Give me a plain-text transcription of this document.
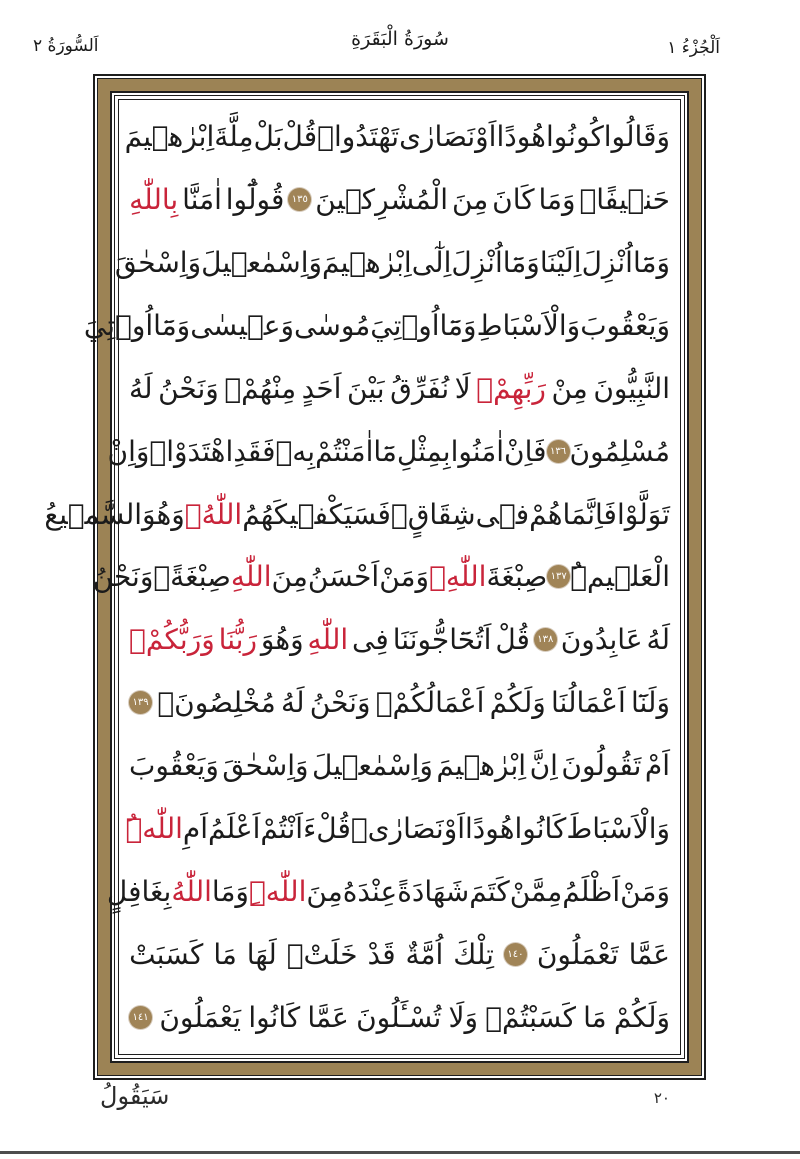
اَلْجُزْءُ ١
سُورَةُ الْبَقَرَةِ
اَلسُّورَةُ ٢
وَقَالُوا
كُونُوا
هُودًا
اَوْ
نَصَارٰى
تَهْتَدُواۜ
قُلْ
بَلْ
مِلَّةَ
اِبْرٰهٖيمَ
حَنٖيفًاۜ
وَمَا
كَانَ
مِنَ
الْمُشْرِكٖينَ
١٣٥
قُولُٓوا
اٰمَنَّا
بِاللّٰهِ
وَمَٓا
اُنْزِلَ
اِلَيْنَا
وَمَٓا
اُنْزِلَ
اِلٰٓى
اِبْرٰهٖيمَ
وَاِسْمٰعٖيلَ
وَاِسْحٰقَ
وَيَعْقُوبَ
وَالْاَسْبَاطِ
وَمَٓا
اُو۫تِيَ
مُوسٰى
وَعٖيسٰى
وَمَٓا
اُو۫تِيَ
النَّبِيُّونَ
مِنْ
رَبِّهِمْۚ
لَا
نُفَرِّقُ
بَيْنَ
اَحَدٍ
مِنْهُمْۘ
وَنَحْنُ
لَهُ
مُسْلِمُونَ
١٣٦
فَاِنْ
اٰمَنُوا
بِمِثْلِ
مَٓا
اٰمَنْتُمْ
بِهٖ
فَقَدِ
اهْتَدَوْاۚ
وَاِنْ
تَوَلَّوْا
فَاِنَّمَا
هُمْ
فٖى
شِقَاقٍۚ
فَسَيَكْفٖيكَهُمُ
اللّٰهُۚ
وَهُوَ
السَّمٖيعُ
الْعَلٖيمُۜ
١٣٧
صِبْغَةَ
اللّٰهِۚ
وَمَنْ
اَحْسَنُ
مِنَ
اللّٰهِ
صِبْغَةًۘ
وَنَحْنُ
لَهُ
عَابِدُونَ
١٣٨
قُلْ
اَتُحَٓاجُّونَنَا
فِى
اللّٰهِ
وَهُوَ
رَبُّنَا
وَرَبُّكُمْۚ
وَلَنَٓا
اَعْمَالُنَا
وَلَكُمْ
اَعْمَالُكُمْۚ
وَنَحْنُ
لَهُ
مُخْلِصُونَۙ
١٣٩
اَمْ
تَقُولُونَ
اِنَّ
اِبْرٰهٖيمَ
وَاِسْمٰعٖيلَ
وَاِسْحٰقَ
وَيَعْقُوبَ
وَالْاَسْبَاطَ
كَانُوا
هُودًا
اَوْ
نَصَارٰىۜ
قُلْ
ءَاَنْتُمْ
اَعْلَمُ
اَمِ
اللّٰهُۜ
وَمَنْ
اَظْلَمُ
مِمَّنْ
كَتَمَ
شَهَادَةً
عِنْدَهُ
مِنَ
اللّٰهِۜ
وَمَا
اللّٰهُ
بِغَافِلٍ
عَمَّا
تَعْمَلُونَ
١٤٠
تِلْكَ
اُمَّةٌ
قَدْ
خَلَتْۚ
لَهَا
مَا
كَسَبَتْ
وَلَكُمْ
مَا
كَسَبْتُمْۚ
وَلَا
تُسْـَٔلُونَ
عَمَّا
كَانُوا
يَعْمَلُونَ
١٤١
سَيَقُولُ	٢٠
